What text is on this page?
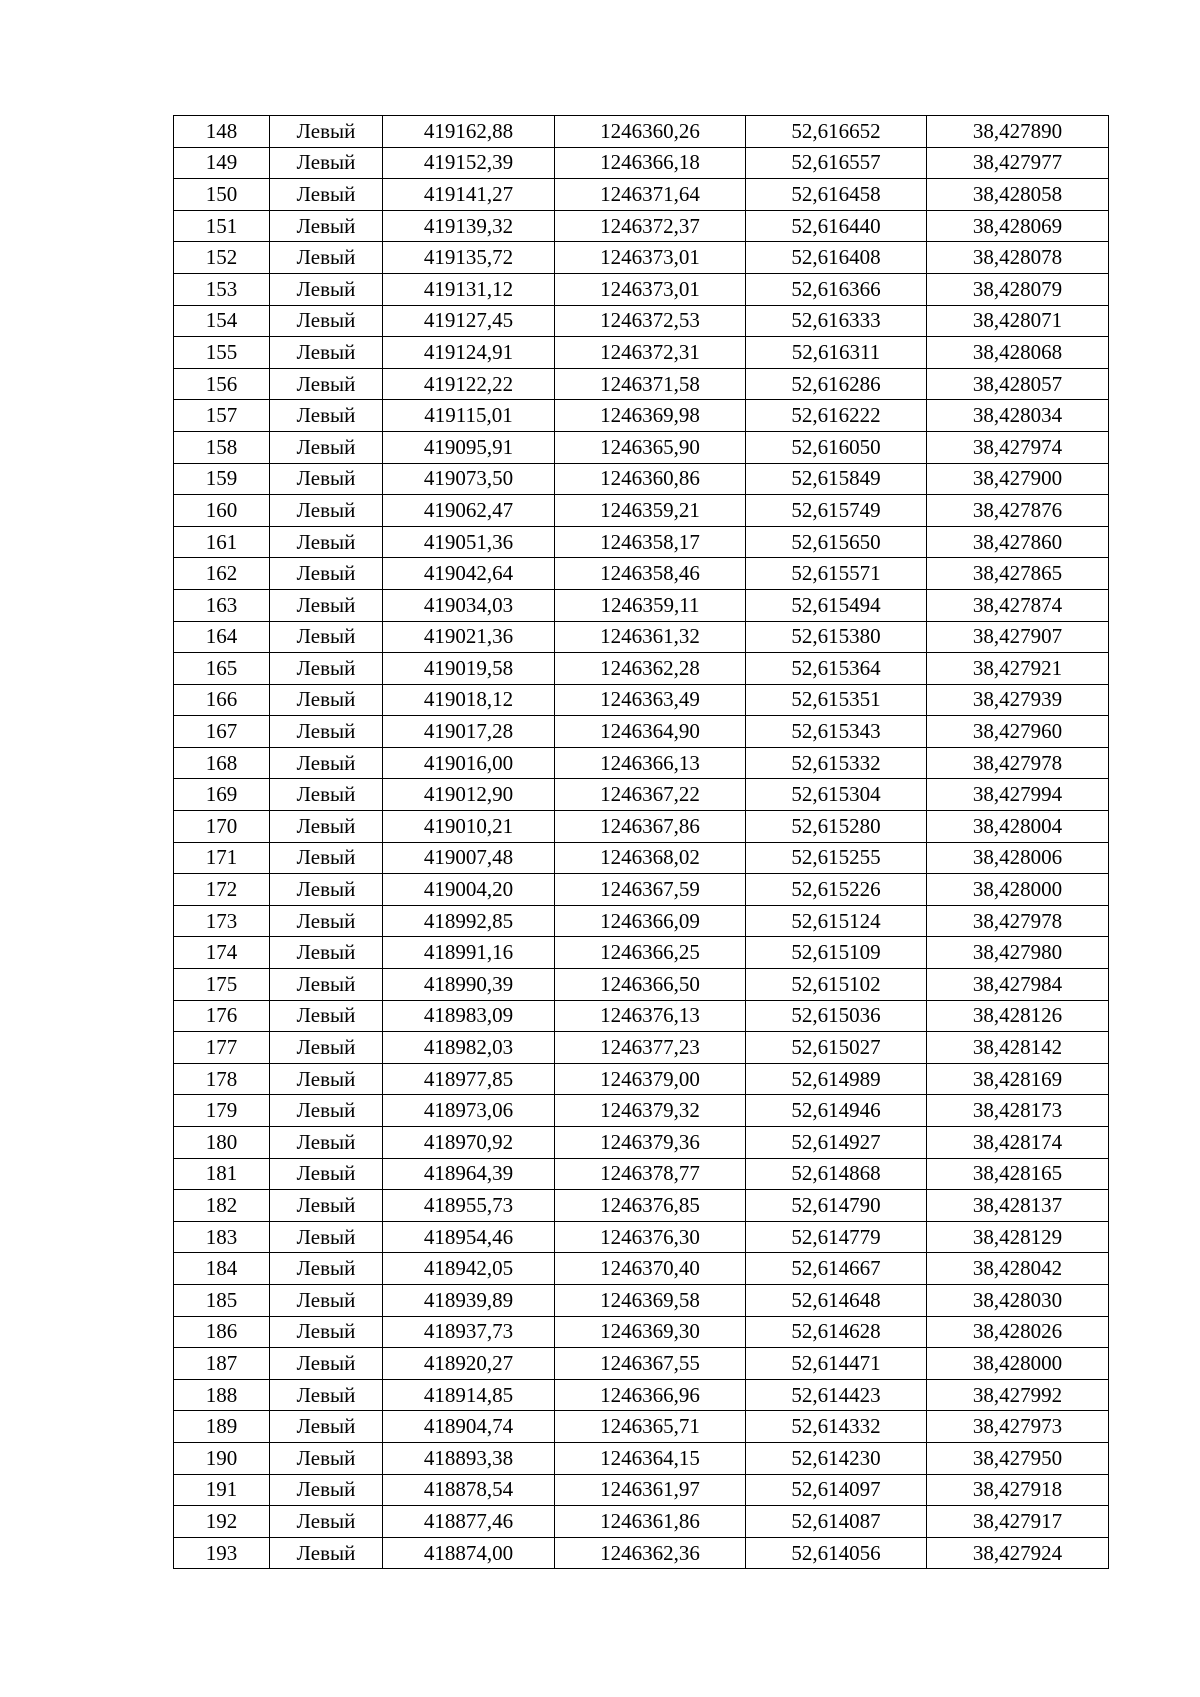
148	Левый	419162,88	1246360,26	52,616652	38,427890
149	Левый	419152,39	1246366,18	52,616557	38,427977
150	Левый	419141,27	1246371,64	52,616458	38,428058
151	Левый	419139,32	1246372,37	52,616440	38,428069
152	Левый	419135,72	1246373,01	52,616408	38,428078
153	Левый	419131,12	1246373,01	52,616366	38,428079
154	Левый	419127,45	1246372,53	52,616333	38,428071
155	Левый	419124,91	1246372,31	52,616311	38,428068
156	Левый	419122,22	1246371,58	52,616286	38,428057
157	Левый	419115,01	1246369,98	52,616222	38,428034
158	Левый	419095,91	1246365,90	52,616050	38,427974
159	Левый	419073,50	1246360,86	52,615849	38,427900
160	Левый	419062,47	1246359,21	52,615749	38,427876
161	Левый	419051,36	1246358,17	52,615650	38,427860
162	Левый	419042,64	1246358,46	52,615571	38,427865
163	Левый	419034,03	1246359,11	52,615494	38,427874
164	Левый	419021,36	1246361,32	52,615380	38,427907
165	Левый	419019,58	1246362,28	52,615364	38,427921
166	Левый	419018,12	1246363,49	52,615351	38,427939
167	Левый	419017,28	1246364,90	52,615343	38,427960
168	Левый	419016,00	1246366,13	52,615332	38,427978
169	Левый	419012,90	1246367,22	52,615304	38,427994
170	Левый	419010,21	1246367,86	52,615280	38,428004
171	Левый	419007,48	1246368,02	52,615255	38,428006
172	Левый	419004,20	1246367,59	52,615226	38,428000
173	Левый	418992,85	1246366,09	52,615124	38,427978
174	Левый	418991,16	1246366,25	52,615109	38,427980
175	Левый	418990,39	1246366,50	52,615102	38,427984
176	Левый	418983,09	1246376,13	52,615036	38,428126
177	Левый	418982,03	1246377,23	52,615027	38,428142
178	Левый	418977,85	1246379,00	52,614989	38,428169
179	Левый	418973,06	1246379,32	52,614946	38,428173
180	Левый	418970,92	1246379,36	52,614927	38,428174
181	Левый	418964,39	1246378,77	52,614868	38,428165
182	Левый	418955,73	1246376,85	52,614790	38,428137
183	Левый	418954,46	1246376,30	52,614779	38,428129
184	Левый	418942,05	1246370,40	52,614667	38,428042
185	Левый	418939,89	1246369,58	52,614648	38,428030
186	Левый	418937,73	1246369,30	52,614628	38,428026
187	Левый	418920,27	1246367,55	52,614471	38,428000
188	Левый	418914,85	1246366,96	52,614423	38,427992
189	Левый	418904,74	1246365,71	52,614332	38,427973
190	Левый	418893,38	1246364,15	52,614230	38,427950
191	Левый	418878,54	1246361,97	52,614097	38,427918
192	Левый	418877,46	1246361,86	52,614087	38,427917
193	Левый	418874,00	1246362,36	52,614056	38,427924
